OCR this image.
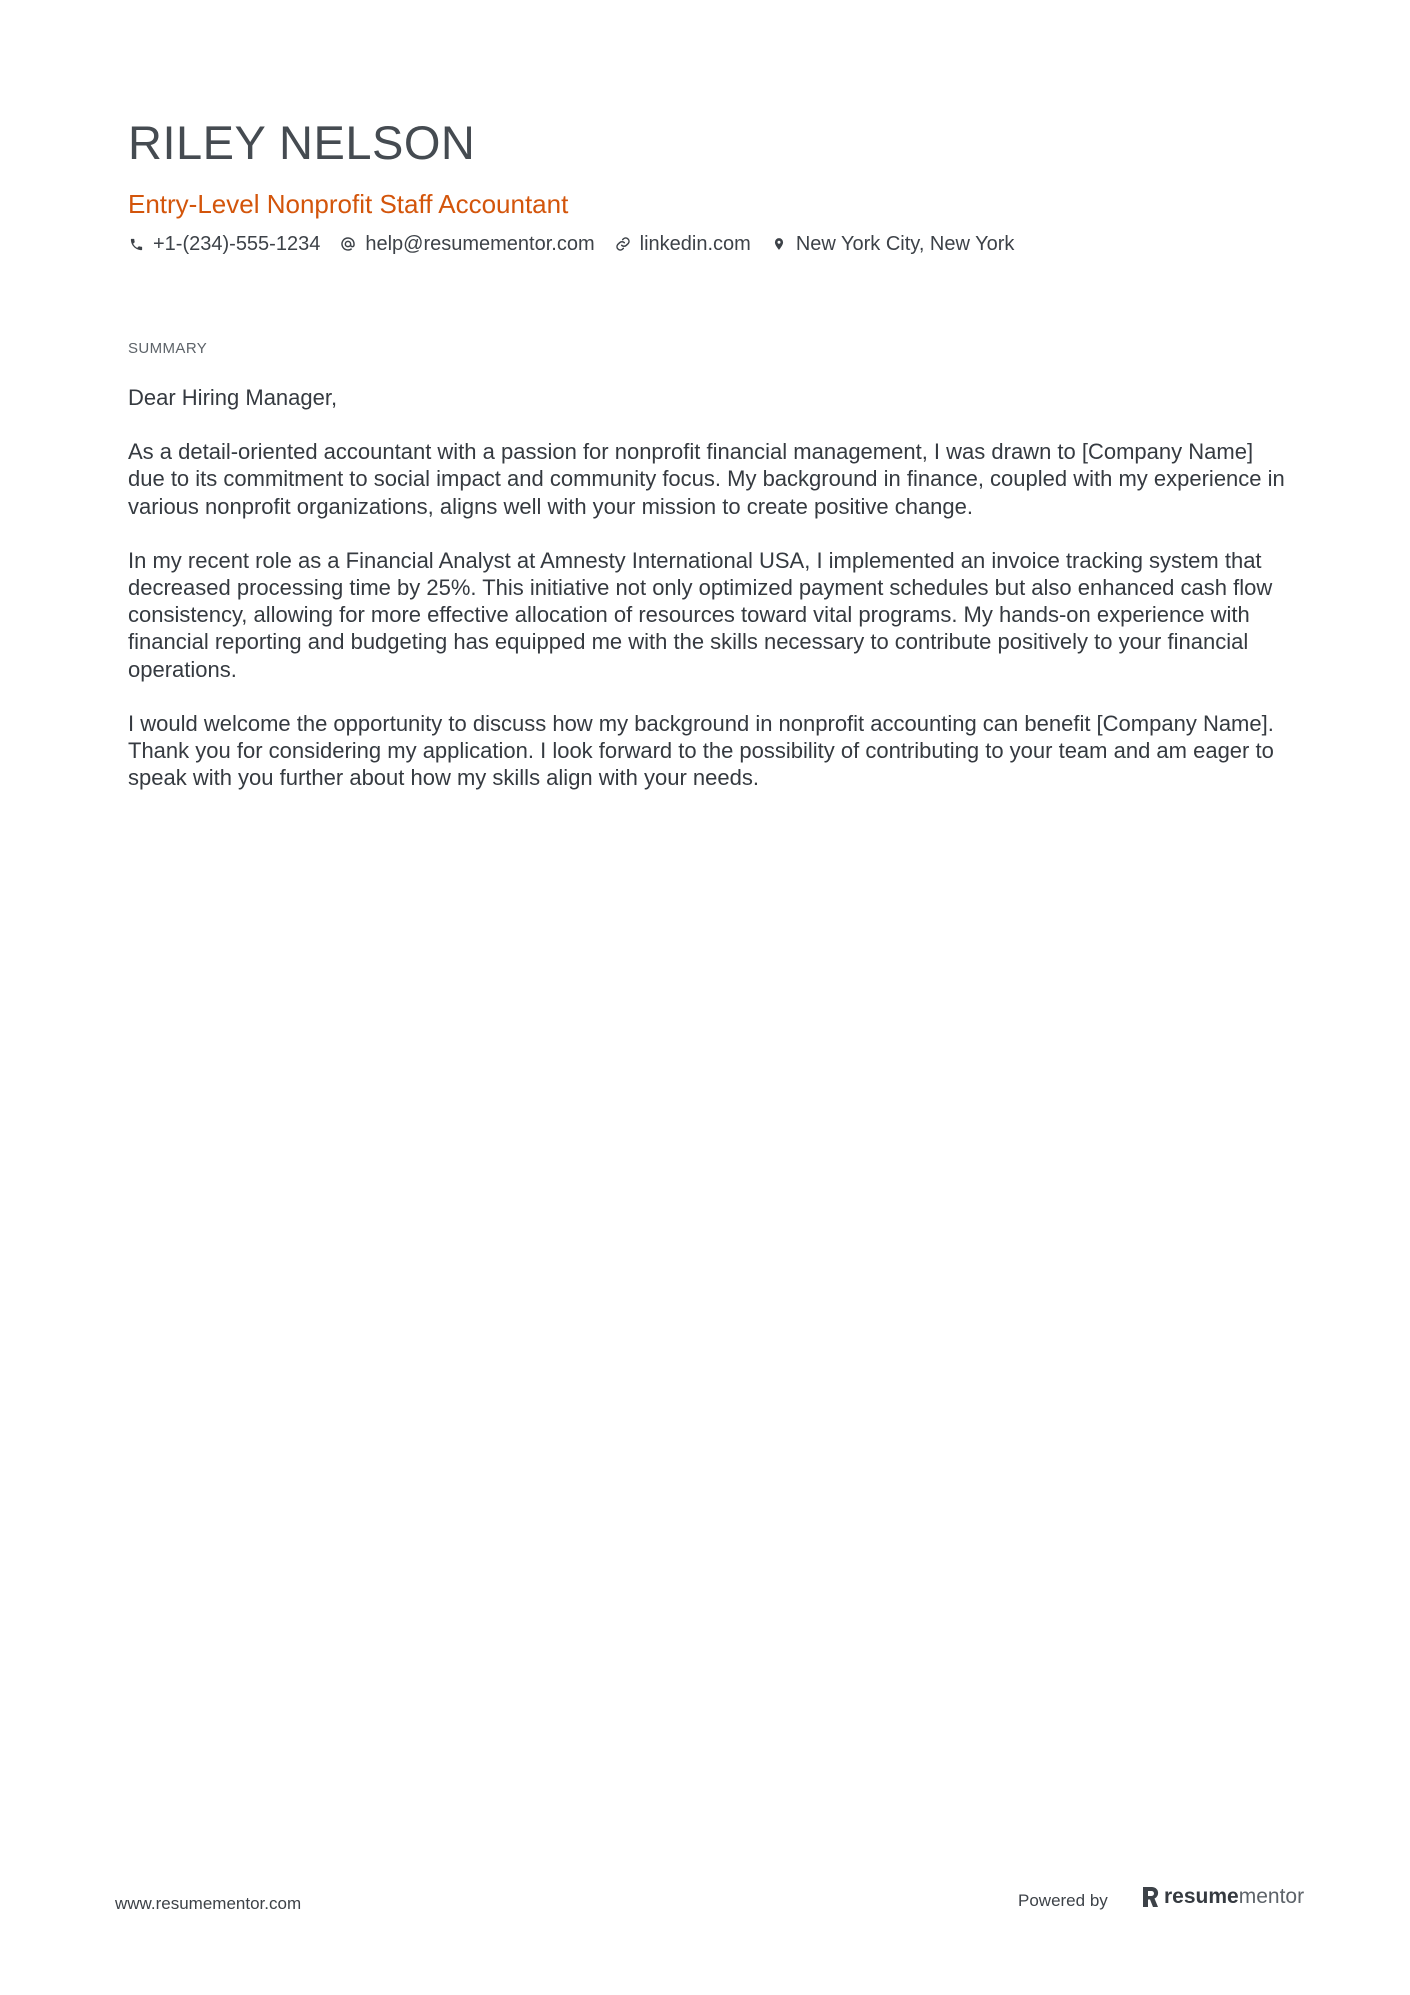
RILEY NELSON
Entry-Level Nonprofit Staff Accountant
+1-(234)-555-1234 help@resumementor.com linkedin.com New York City, New York
SUMMARY

Dear Hiring Manager,

As a detail-oriented accountant with a passion for nonprofit financial management, I was drawn to [Company Name] due to its commitment to social impact and community focus. My background in finance, coupled with my experience in various nonprofit organizations, aligns well with your mission to create positive change.

In my recent role as a Financial Analyst at Amnesty International USA, I implemented an invoice tracking system that decreased processing time by 25%. This initiative not only optimized payment schedules but also enhanced cash flow consistency, allowing for more effective allocation of resources toward vital programs. My hands-on experience with financial reporting and budgeting has equipped me with the skills necessary to contribute positively to your financial operations.

I would welcome the opportunity to discuss how my background in nonprofit accounting can benefit [Company Name]. Thank you for considering my application. I look forward to the possibility of contributing to your team and am eager to speak with you further about how my skills align with your needs.

www.resumementor.com	Powered by	resume mentor
